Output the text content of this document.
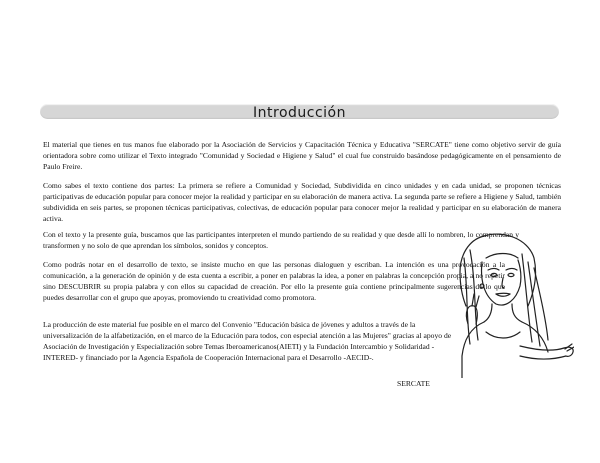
Introducción

El material que tienes en tus manos fue elaborado por la Asociación de Servicios y Capacitación Técnica y Educativa "SERCATE" tiene como objetivo servir de guía orientadora sobre como utilizar el Texto integrado "Comunidad y Sociedad e Higiene y Salud" el cual fue construido basándose pedagógicamente en el pensamiento de Paulo Freire.

Como sabes el texto contiene dos partes: La primera se refiere a Comunidad y Sociedad, Subdividida en cinco unidades y en cada unidad, se proponen técnicas participativas de educación popular para conocer mejor la realidad y participar en su elaboración de manera activa. La segunda parte se refiere a Higiene y Salud, también subdividida en seis partes, se proponen técnicas participativas, colectivas, de educación popular para conocer mejor la realidad y participar en su elaboración de manera activa.

Con el texto y la presente guía, buscamos que las participantes interpreten el mundo partiendo de su realidad y que desde allí lo nombren, lo comprendan y transformen y no solo de que aprendan los símbolos, sonidos y conceptos.

Como podrás notar en el desarrollo de texto, se insiste mucho en que las personas dialoguen y escriban. La intención es una provocación a la comunicación, a la generación de opinión y de esta cuenta a escribir, a poner en palabras la idea, a poner en palabras la concepción propia, a no repetir sino DESCUBRIR su propia palabra y con ellos su capacidad de creación. Por ello la presente guía contiene principalmente sugerencias de lo que puedes desarrollar con el grupo que apoyas, promoviendo tu creatividad como promotora.

La producción de este material fue posible en el marco del Convenio "Educación básica de jóvenes y adultos a través de la universalización de la alfabetización, en el marco de la Educación para todos, con especial atención a las Mujeres" gracias al apoyo de Asociación de Investigación y Especialización sobre Temas Iberoamericanos(AIETI) y la Fundación Intercambio y Solidaridad -INTERED- y financiado por la Agencia Española de Cooperación Internacional para el Desarrollo -AECID-.

SERCATE
